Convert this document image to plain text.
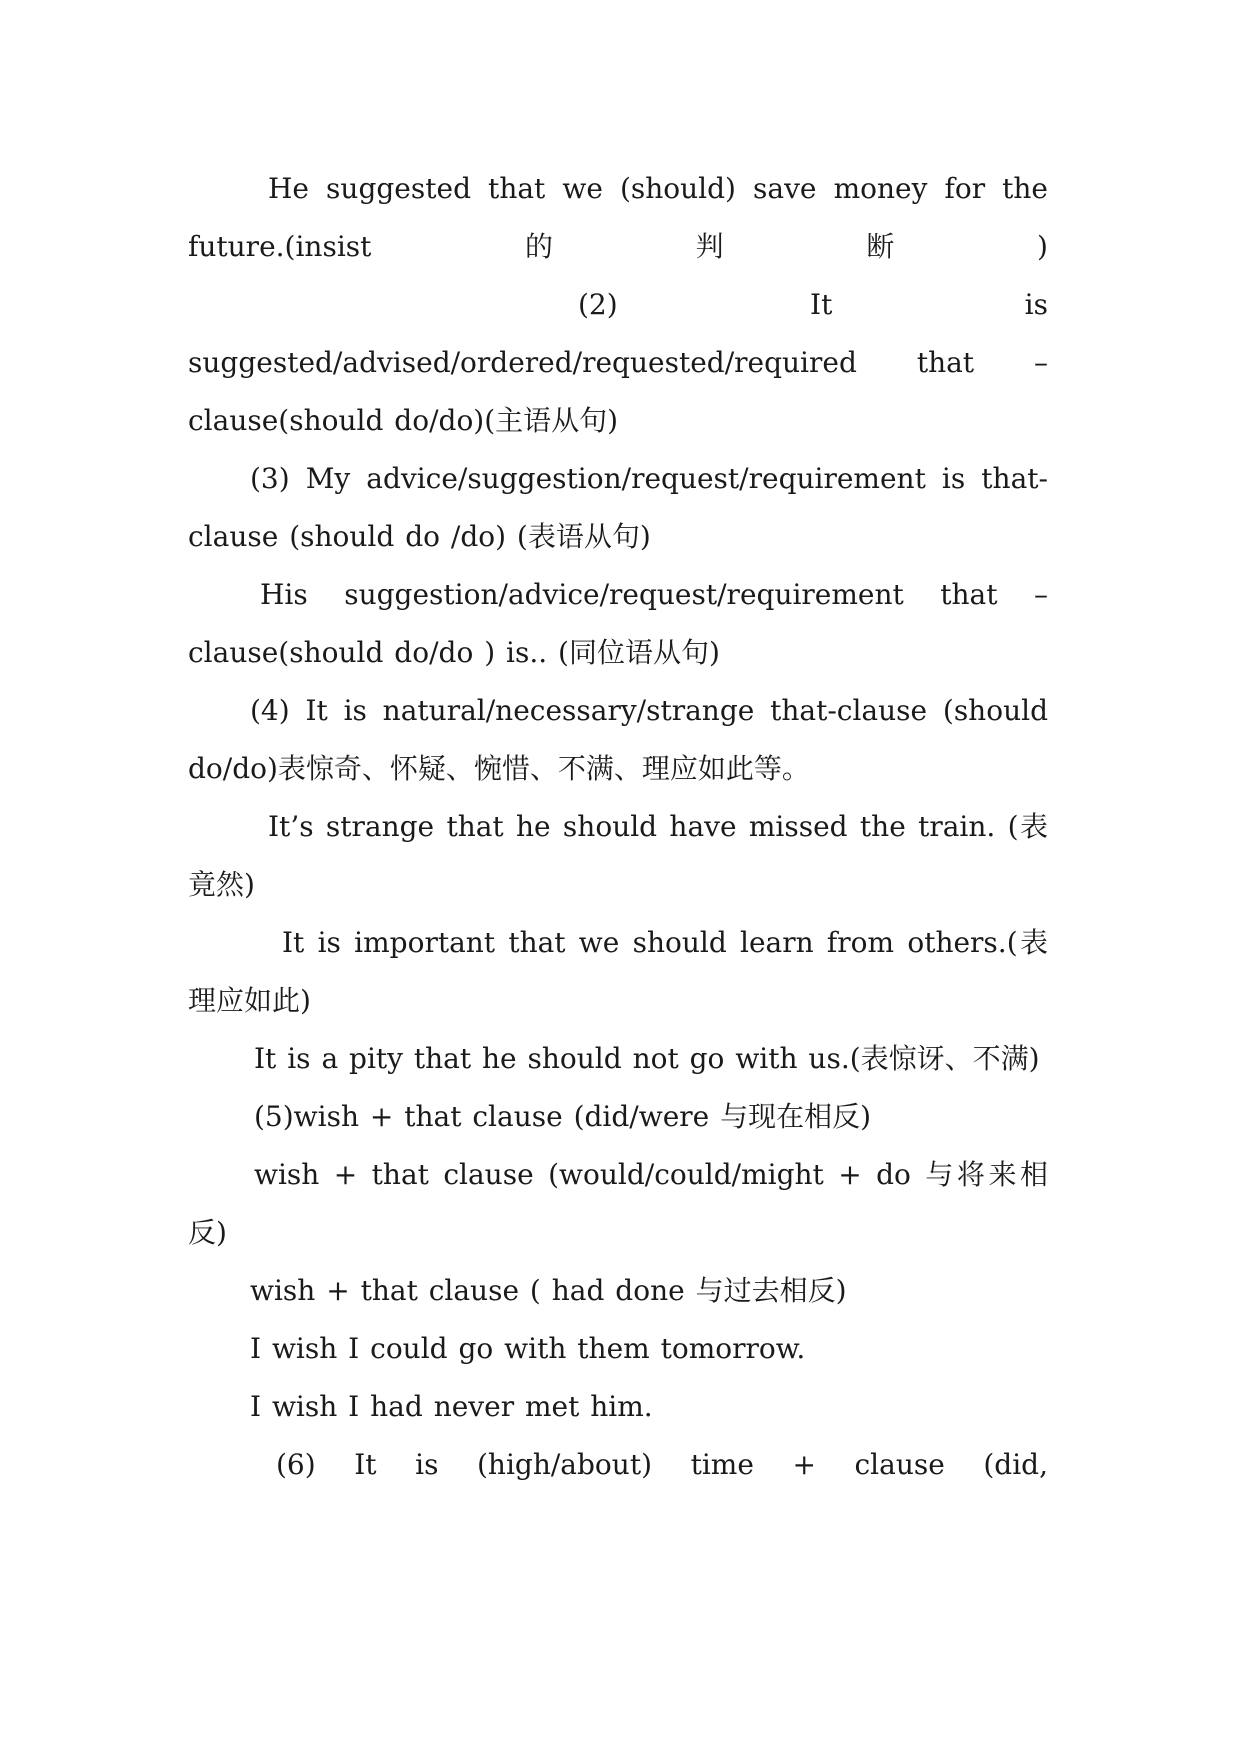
He suggested that we (should) save money for the future.(insist 的判断)

(2)	It	is

suggested/advised/ordered/requested/required that –clause(should do/do)(主语从句)

(3) My advice/suggestion/request/requirement is that-clause (should do /do) (表语从句)

His suggestion/advice/request/requirement that –clause(should do/do ) is.. (同位语从句)

(4) It is natural/necessary/strange that-clause (should do/do)表惊奇、怀疑、惋惜、不满、理应如此等。

It’s strange that he should have missed the train. (表竟然)

It is important that we should learn from others.(表理应如此)

It is a pity that he should not go with us.(表惊讶、不满)

(5)wish + that clause (did/were 与现在相反)

wish + that clause (would/could/might + do 与将来相反)

wish + that clause ( had done 与过去相反)

I wish I could go with them tomorrow.

I wish I had never met him.

(6) It is (high/about) time + clause (did,
